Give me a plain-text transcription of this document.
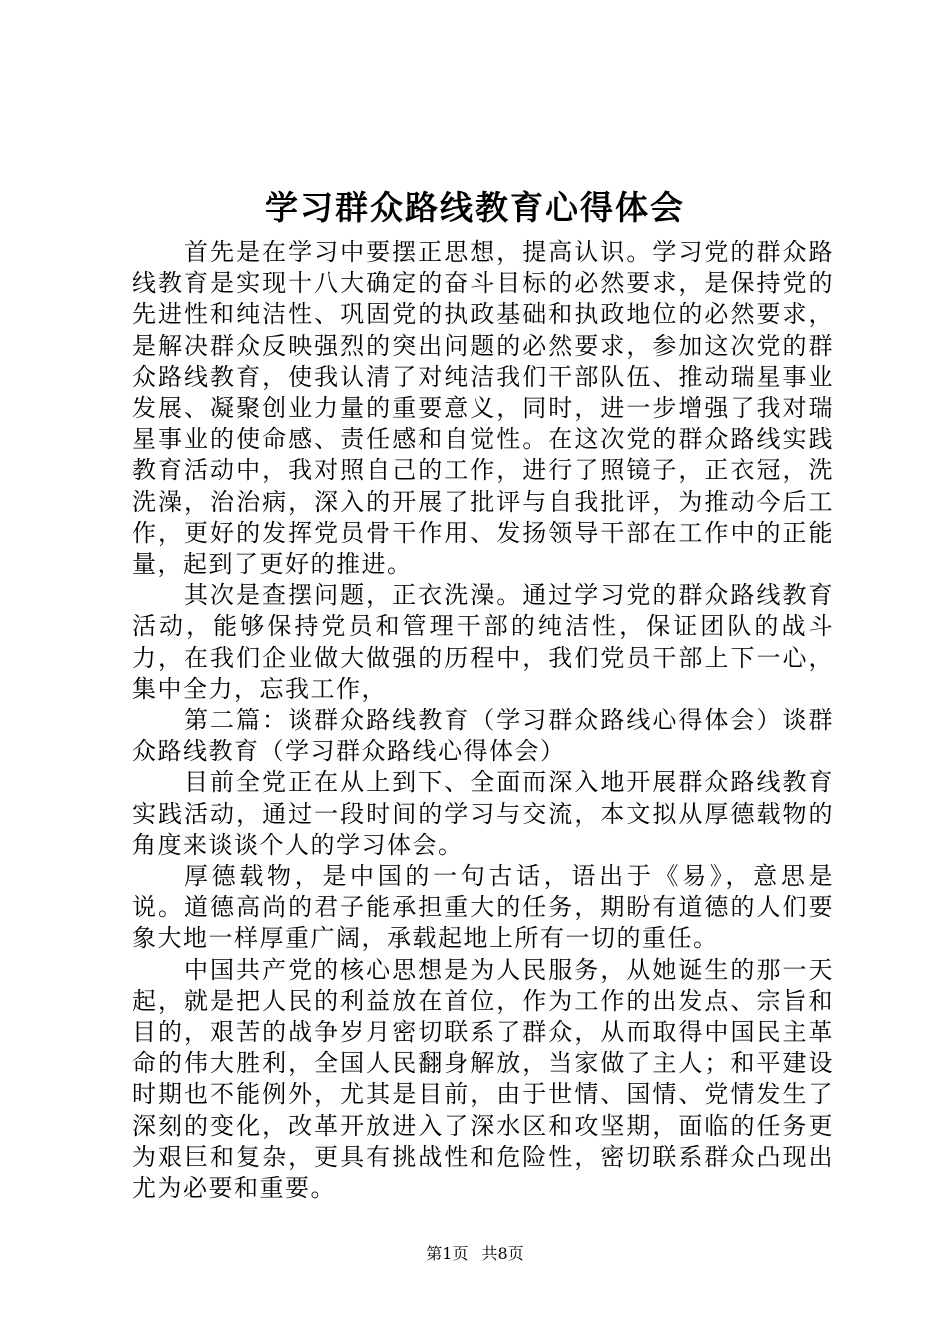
学习群众路线教育心得体会

首先是在学习中要摆正思想，提高认识。学习党的群众路线教育是实现十八大确定的奋斗目标的必然要求，是保持党的先进性和纯洁性、巩固党的执政基础和执政地位的必然要求，是解决群众反映强烈的突出问题的必然要求，参加这次党的群众路线教育，使我认清了对纯洁我们干部队伍、推动瑞星事业发展、凝聚创业力量的重要意义，同时，进一步增强了我对瑞星事业的使命感、责任感和自觉性。在这次党的群众路线实践教育活动中，我对照自己的工作，进行了照镜子，正衣冠，洗洗澡，治治病，深入的开展了批评与自我批评，为推动今后工作，更好的发挥党员骨干作用、发扬领导干部在工作中的正能量，起到了更好的推进。

其次是查摆问题，正衣洗澡。通过学习党的群众路线教育活动，能够保持党员和管理干部的纯洁性，保证团队的战斗力，在我们企业做大做强的历程中，我们党员干部上下一心，集中全力，忘我工作，

第二篇：谈群众路线教育（学习群众路线心得体会）谈群众路线教育（学习群众路线心得体会）

目前全党正在从上到下、全面而深入地开展群众路线教育实践活动，通过一段时间的学习与交流，本文拟从厚德载物的角度来谈谈个人的学习体会。

厚德载物，是中国的一句古话，语出于《易》，意思是说。道德高尚的君子能承担重大的任务，期盼有道德的人们要象大地一样厚重广阔，承载起地上所有一切的重任。

中国共产党的核心思想是为人民服务，从她诞生的那一天起，就是把人民的利益放在首位，作为工作的出发点、宗旨和目的，艰苦的战争岁月密切联系了群众，从而取得中国民主革命的伟大胜利，全国人民翻身解放，当家做了主人；和平建设时期也不能例外，尤其是目前，由于世情、国情、党情发生了深刻的变化，改革开放进入了深水区和攻坚期，面临的任务更为艰巨和复杂，更具有挑战性和危险性，密切联系群众凸现出尤为必要和重要。

第1页 共8页
